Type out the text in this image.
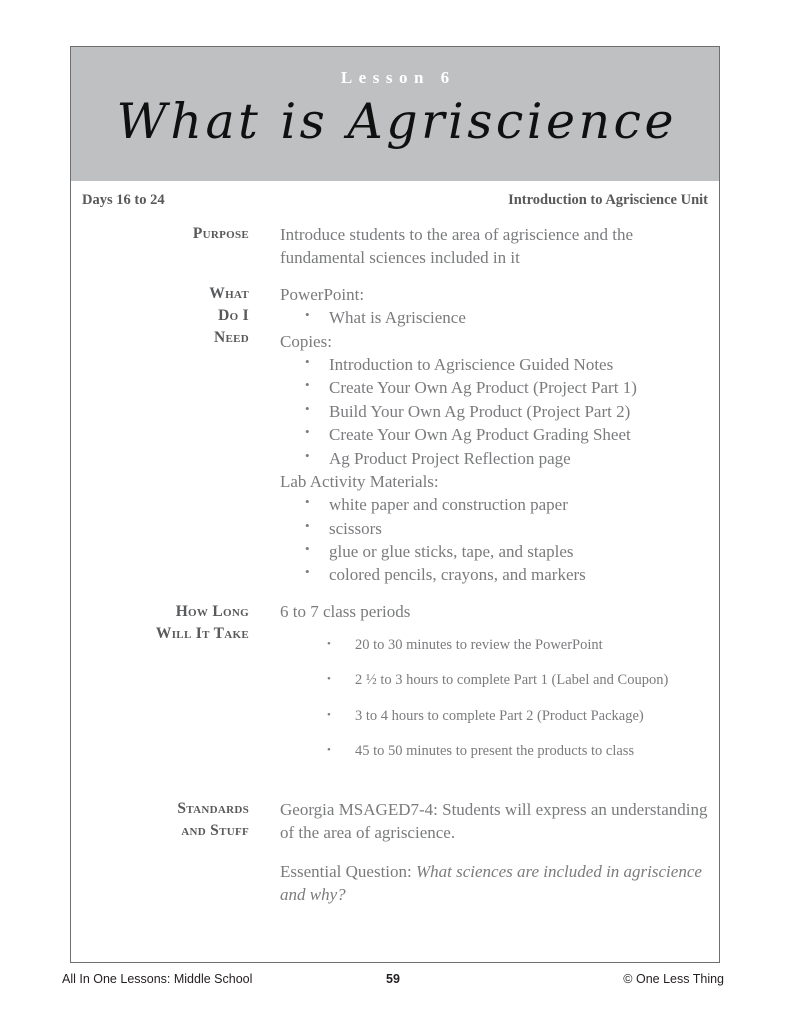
Lesson 6
What is Agriscience
Days 16 to 24	Introduction to Agriscience Unit
Purpose Introduce students to the area of agriscience and the fundamental sciences included in it

What
Do I
Need

PowerPoint:

• What is Agriscience

Copies:

• Introduction to Agriscience Guided Notes
• Create Your Own Ag Product (Project Part 1)
• Build Your Own Ag Product (Project Part 2)
• Create Your Own Ag Product Grading Sheet
• Ag Product Project Reflection page

Lab Activity Materials:

• white paper and construction paper
• scissors
• glue or glue sticks, tape, and staples
• colored pencils, crayons, and markers
How Long
Will It Take

6 to 7 class periods

• 20 to 30 minutes to review the PowerPoint
• 2 ½ to 3 hours to complete Part 1 (Label and Coupon)
• 3 to 4 hours to complete Part 2 (Product Package)
• 45 to 50 minutes to present the products to class
Standards
and Stuff

Georgia MSAGED7-4: Students will express an understanding of the area of agriscience.

Essential Question: What sciences are included in agriscience and why?

All In One Lessons: Middle School	59	© One Less Thing
